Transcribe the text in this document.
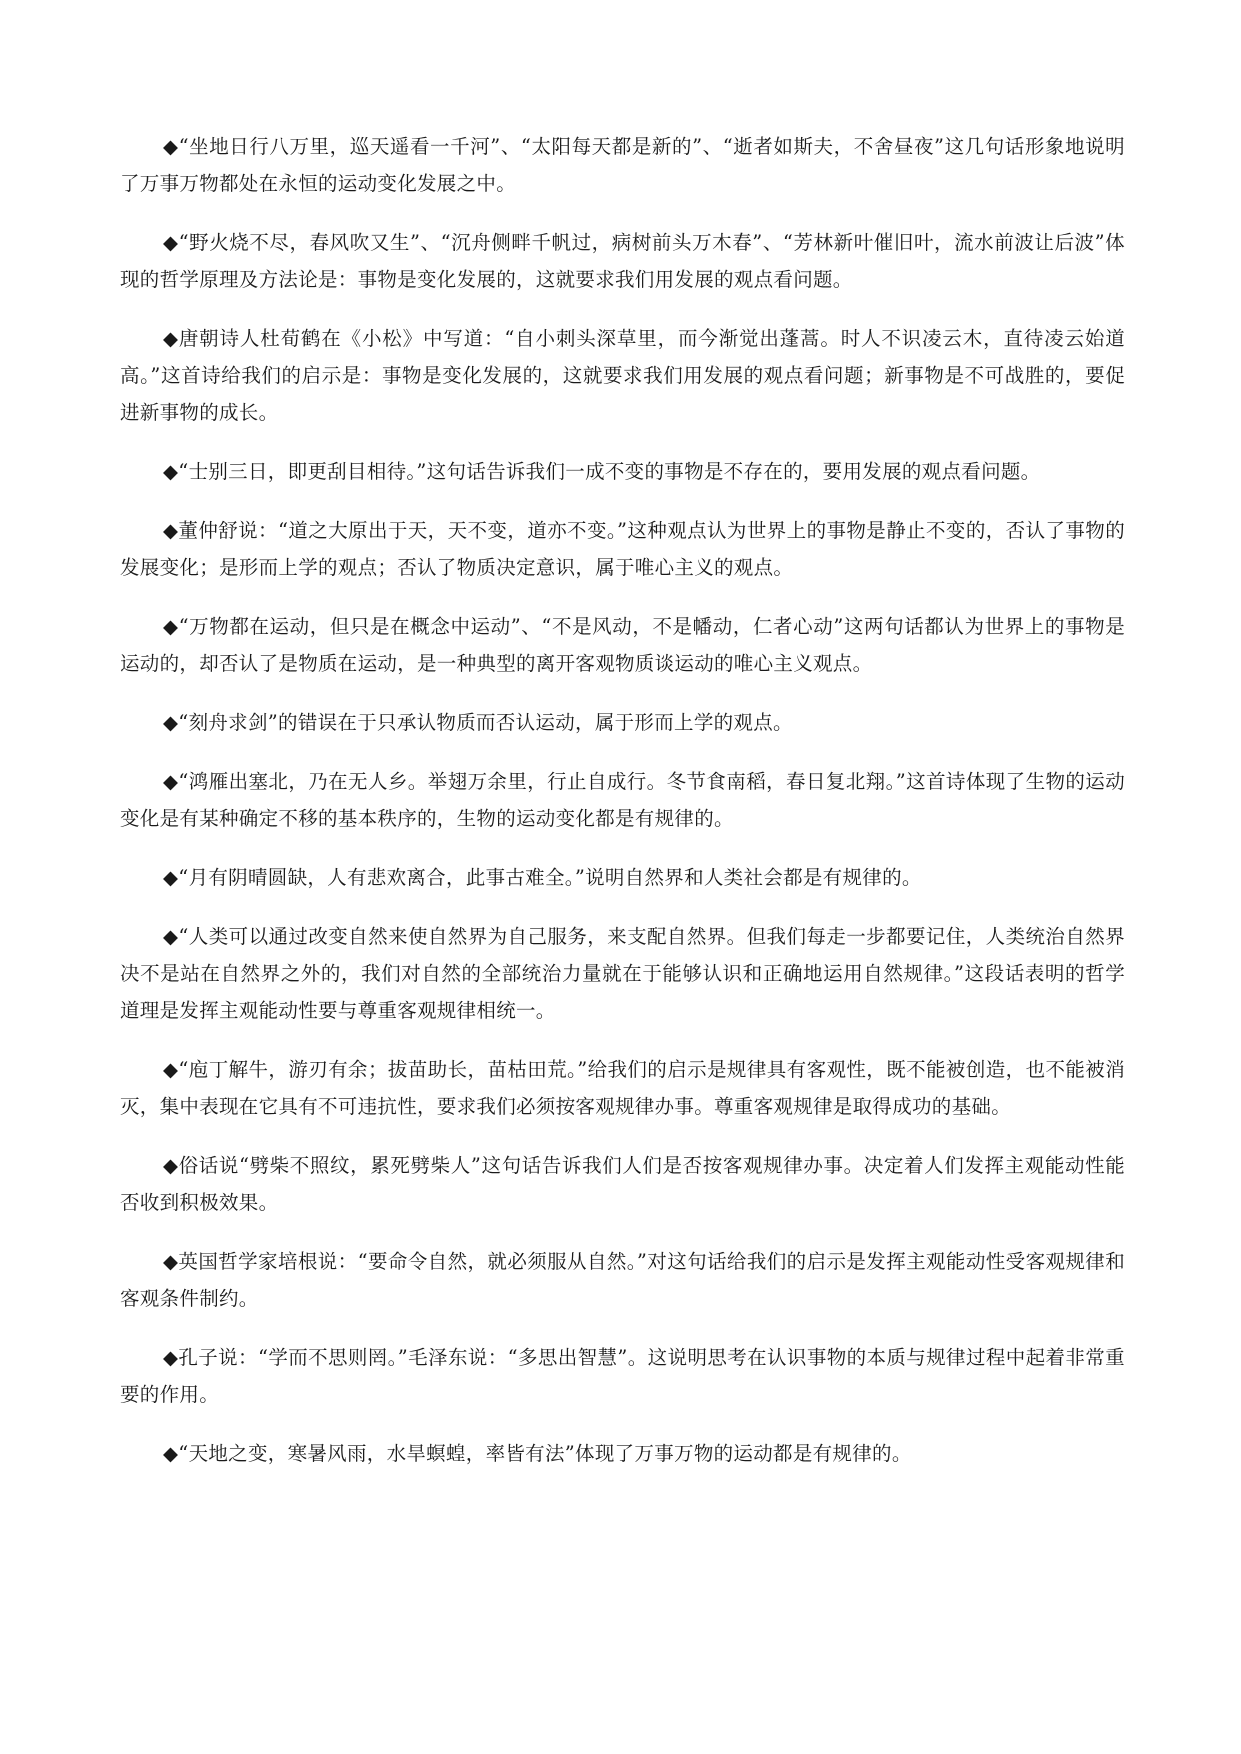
◆“坐地日行八万里，巡天遥看一千河”、“太阳每天都是新的”、“逝者如斯夫，不舍昼夜”这几句话形象地说明了万事万物都处在永恒的运动变化发展之中。

◆“野火烧不尽，春风吹又生”、“沉舟侧畔千帆过，病树前头万木春”、“芳林新叶催旧叶，流水前波让后波”体现的哲学原理及方法论是：事物是变化发展的，这就要求我们用发展的观点看问题。

◆唐朝诗人杜荀鹤在《小松》中写道：“自小刺头深草里，而今渐觉出蓬蒿。时人不识凌云木，直待凌云始道高。”这首诗给我们的启示是：事物是变化发展的，这就要求我们用发展的观点看问题；新事物是不可战胜的，要促进新事物的成长。

◆“士别三日，即更刮目相待。”这句话告诉我们一成不变的事物是不存在的，要用发展的观点看问题。

◆董仲舒说：“道之大原出于天，天不变，道亦不变。”这种观点认为世界上的事物是静止不变的，否认了事物的发展变化；是形而上学的观点；否认了物质决定意识，属于唯心主义的观点。

◆“万物都在运动，但只是在概念中运动”、“不是风动，不是幡动，仁者心动”这两句话都认为世界上的事物是运动的，却否认了是物质在运动，是一种典型的离开客观物质谈运动的唯心主义观点。

◆“刻舟求剑”的错误在于只承认物质而否认运动，属于形而上学的观点。

◆“鸿雁出塞北，乃在无人乡。举翅万余里，行止自成行。冬节食南稻，春日复北翔。”这首诗体现了生物的运动变化是有某种确定不移的基本秩序的，生物的运动变化都是有规律的。

◆“月有阴晴圆缺，人有悲欢离合，此事古难全。”说明自然界和人类社会都是有规律的。

◆“人类可以通过改变自然来使自然界为自己服务，来支配自然界。但我们每走一步都要记住，人类统治自然界决不是站在自然界之外的，我们对自然的全部统治力量就在于能够认识和正确地运用自然规律。”这段话表明的哲学道理是发挥主观能动性要与尊重客观规律相统一。

◆“庖丁解牛，游刃有余；拔苗助长，苗枯田荒。”给我们的启示是规律具有客观性，既不能被创造，也不能被消灭，集中表现在它具有不可违抗性，要求我们必须按客观规律办事。尊重客观规律是取得成功的基础。

◆俗话说“劈柴不照纹，累死劈柴人”这句话告诉我们人们是否按客观规律办事。决定着人们发挥主观能动性能否收到积极效果。

◆英国哲学家培根说：“要命令自然，就必须服从自然。”对这句话给我们的启示是发挥主观能动性受客观规律和客观条件制约。

◆孔子说：“学而不思则罔。”毛泽东说：“多思出智慧”。这说明思考在认识事物的本质与规律过程中起着非常重要的作用。

◆“天地之变，寒暑风雨，水旱螟蝗，率皆有法”体现了万事万物的运动都是有规律的。
